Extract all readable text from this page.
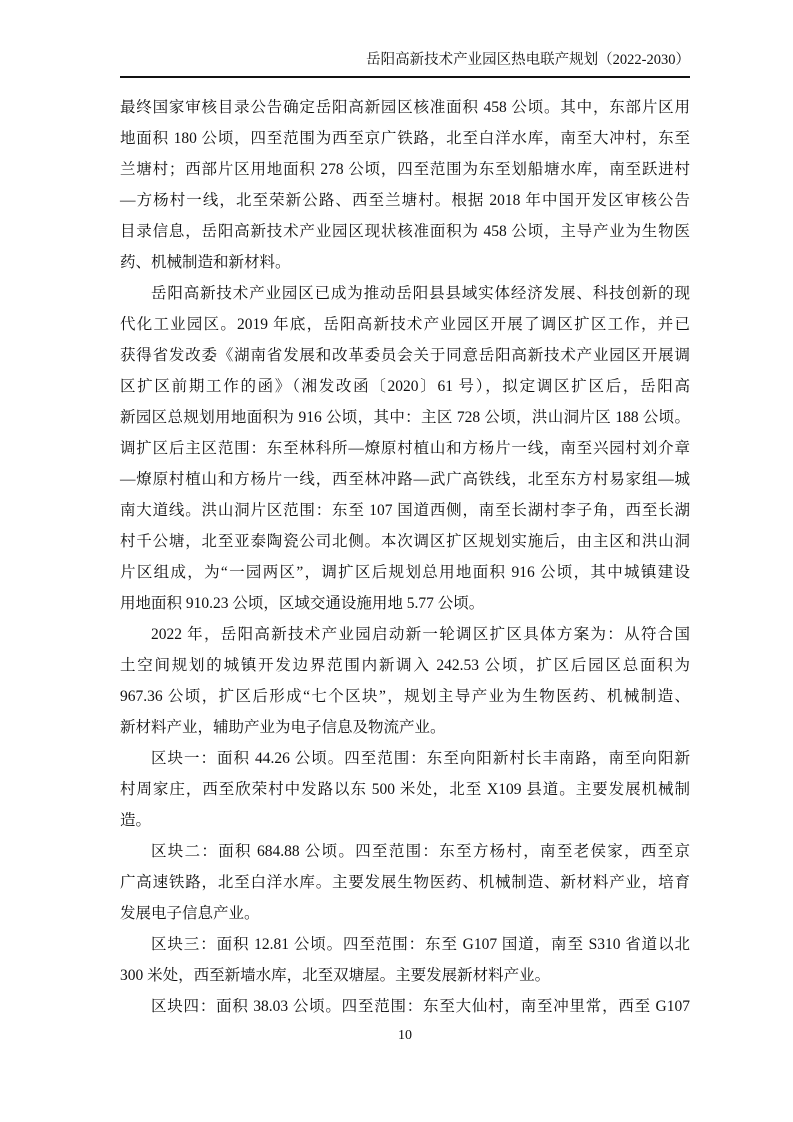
岳阳高新技术产业园区热电联产规划（2022-2030）
最终国家审核目录公告确定岳阳高新园区核准面积 458 公顷。其中，东部片区用
地面积 180 公顷，四至范围为西至京广铁路，北至白洋水库，南至大冲村，东至
兰塘村；西部片区用地面积 278 公顷，四至范围为东至划船塘水库，南至跃进村
—方杨村一线，北至荣新公路、西至兰塘村。根据 2018 年中国开发区审核公告
目录信息，岳阳高新技术产业园区现状核准面积为 458 公顷，主导产业为生物医
药、机械制造和新材料。
岳阳高新技术产业园区已成为推动岳阳县县域实体经济发展、科技创新的现
代化工业园区。2019 年底，岳阳高新技术产业园区开展了调区扩区工作，并已
获得省发改委《湖南省发展和改革委员会关于同意岳阳高新技术产业园区开展调
区扩区前期工作的函》（湘发改函〔2020〕61 号），拟定调区扩区后，岳阳高
新园区总规划用地面积为 916 公顷，其中：主区 728 公顷，洪山洞片区 188 公顷。
调扩区后主区范围：东至林科所—燎原村植山和方杨片一线，南至兴园村刘介章
—燎原村植山和方杨片一线，西至林冲路—武广高铁线，北至东方村易家组—城
南大道线。洪山洞片区范围：东至 107 国道西侧，南至长湖村李子角，西至长湖
村千公塘，北至亚泰陶瓷公司北侧。本次调区扩区规划实施后，由主区和洪山洞
片区组成，为“一园两区”，调扩区后规划总用地面积 916 公顷，其中城镇建设
用地面积 910.23 公顷，区域交通设施用地 5.77 公顷。
2022 年，岳阳高新技术产业园启动新一轮调区扩区具体方案为：从符合国
土空间规划的城镇开发边界范围内新调入 242.53 公顷，扩区后园区总面积为
967.36 公顷，扩区后形成“七个区块”，规划主导产业为生物医药、机械制造、
新材料产业，辅助产业为电子信息及物流产业。
区块一：面积 44.26 公顷。四至范围：东至向阳新村长丰南路，南至向阳新
村周家庄，西至欣荣村中发路以东 500 米处，北至 X109 县道。主要发展机械制
造。
区块二：面积 684.88 公顷。四至范围：东至方杨村，南至老侯家，西至京
广高速铁路，北至白洋水库。主要发展生物医药、机械制造、新材料产业，培育
发展电子信息产业。
区块三：面积 12.81 公顷。四至范围：东至 G107 国道，南至 S310 省道以北
300 米处，西至新墙水库，北至双塘屋。主要发展新材料产业。
区块四：面积 38.03 公顷。四至范围：东至大仙村，南至冲里常，西至 G107
10
